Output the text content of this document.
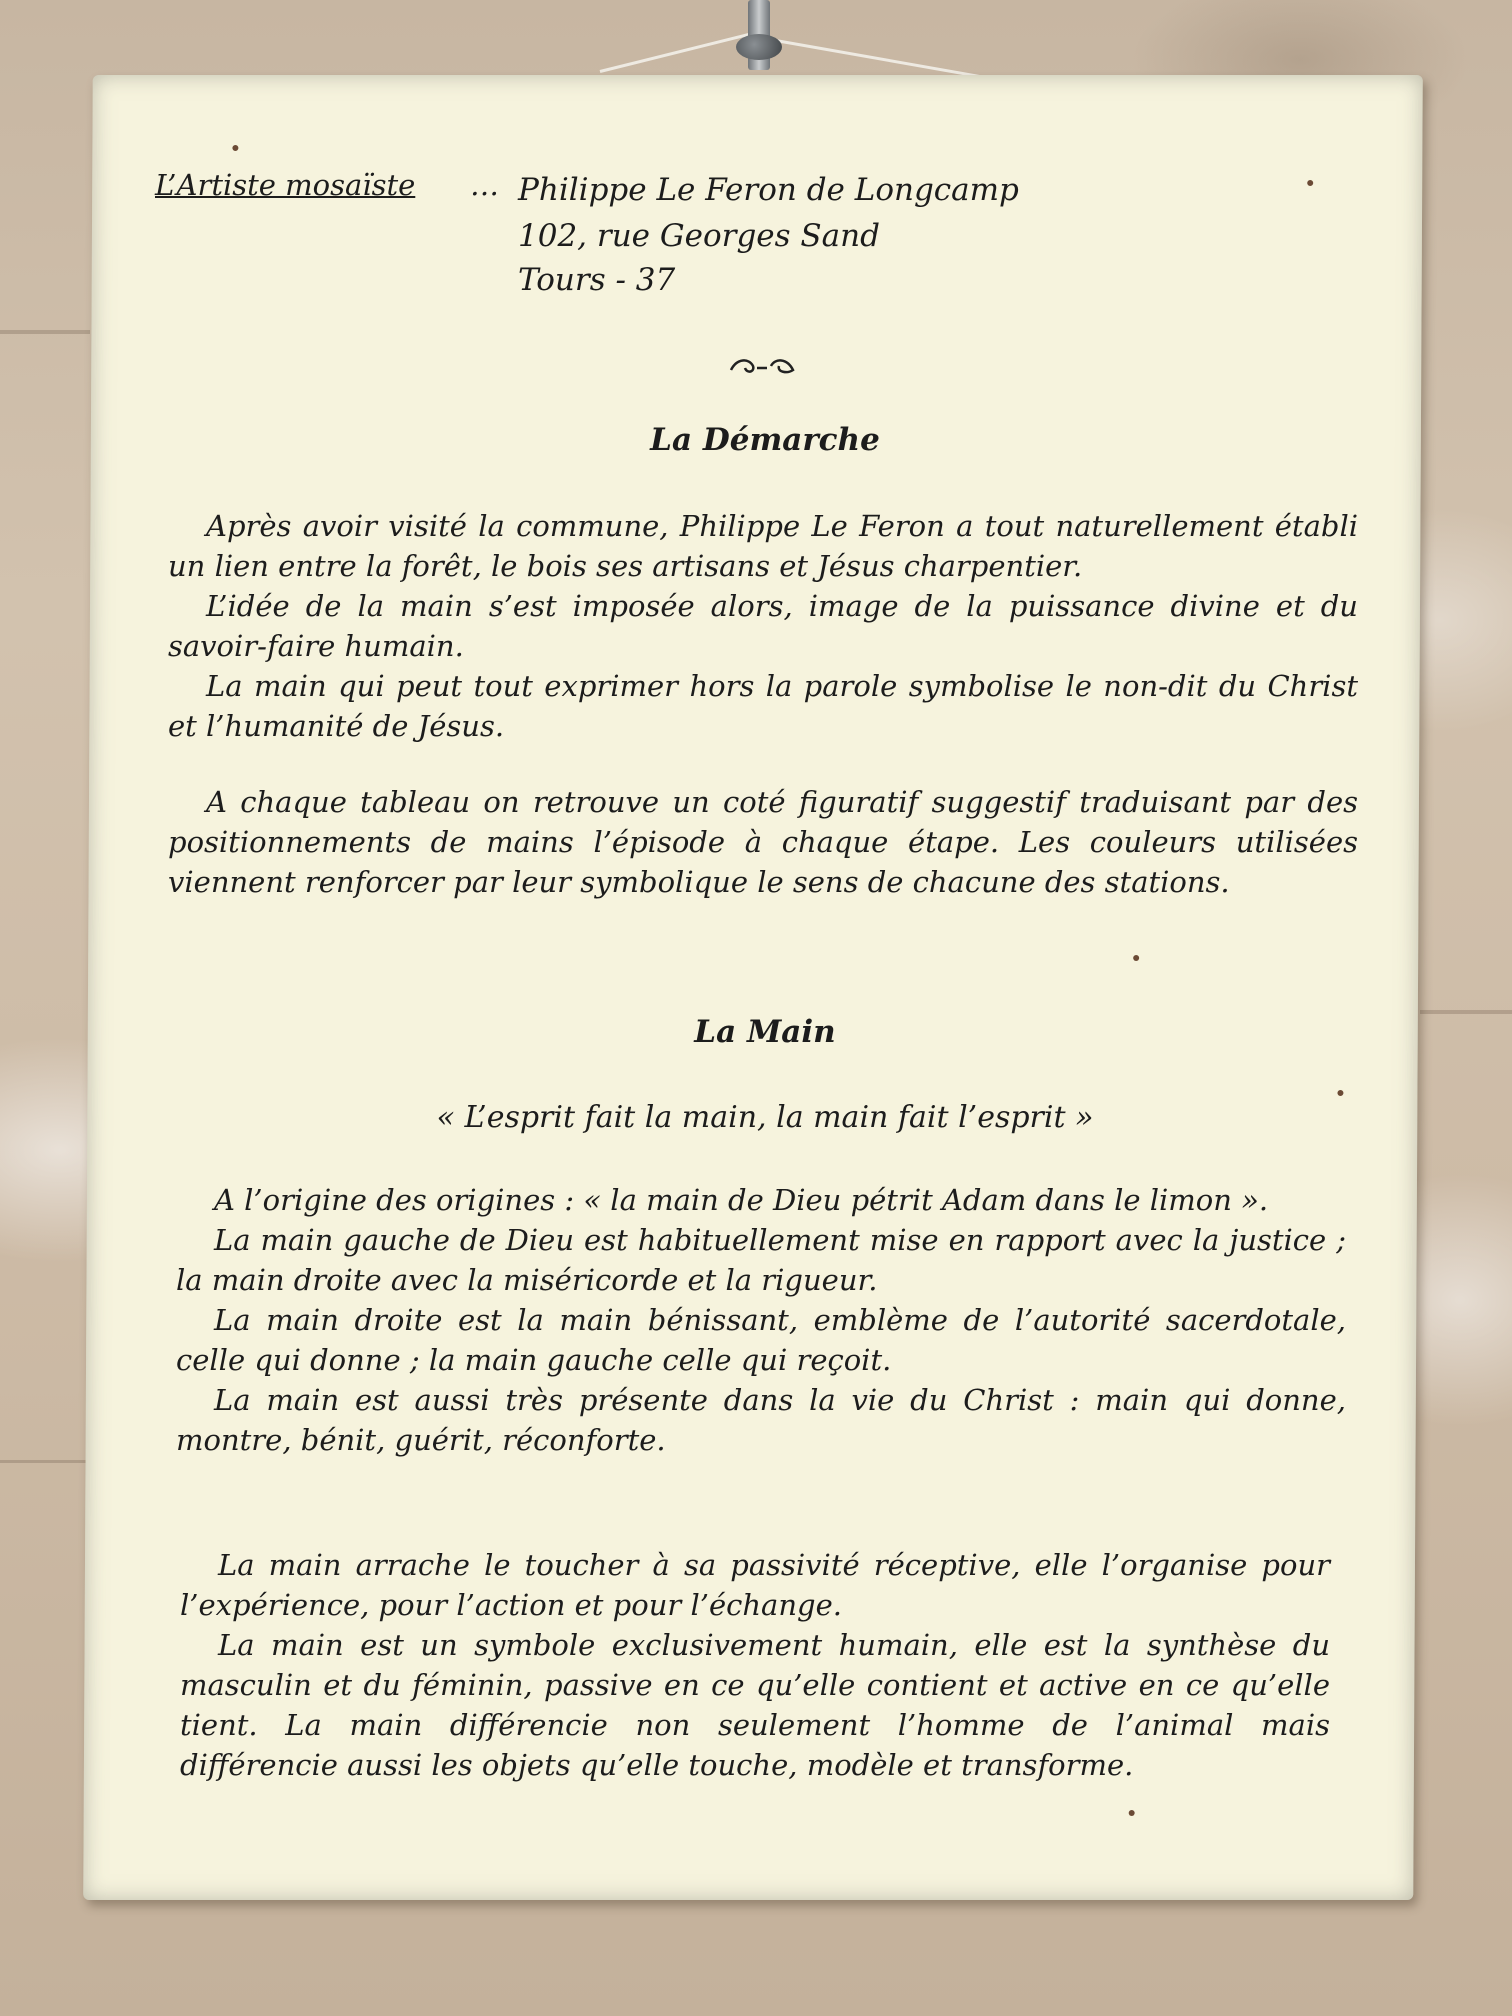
L’Artiste mosaïste … Philippe Le Feron de Longcamp
102, rue Georges Sand
Tours - 37
La Démarche

Après avoir visité la commune, Philippe Le Feron a tout naturellement établi un lien entre la forêt, le bois ses artisans et Jésus charpentier.

L’idée de la main s’est imposée alors, image de la puissance divine et du savoir-faire humain.

La main qui peut tout exprimer hors la parole symbolise le non-dit du Christ et l’humanité de Jésus.

A chaque tableau on retrouve un coté figuratif suggestif traduisant par des positionnements de mains l’épisode à chaque étape. Les couleurs utilisées viennent renforcer par leur symbolique le sens de chacune des stations.

La Main
« L’esprit fait la main, la main fait l’esprit »

A l’origine des origines : « la main de Dieu pétrit Adam dans le limon ».

La main gauche de Dieu est habituellement mise en rapport avec la justice ; la main droite avec la miséricorde et la rigueur.

La main droite est la main bénissant, emblème de l’autorité sacerdotale, celle qui donne ; la main gauche celle qui reçoit.

La main est aussi très présente dans la vie du Christ : main qui donne, montre, bénit, guérit, réconforte.

La main arrache le toucher à sa passivité réceptive, elle l’organise pour l’expérience, pour l’action et pour l’échange.

La main est un symbole exclusivement humain, elle est la synthèse du masculin et du féminin, passive en ce qu’elle contient et active en ce qu’elle tient. La main différencie non seulement l’homme de l’animal mais différencie aussi les objets qu’elle touche, modèle et transforme.
